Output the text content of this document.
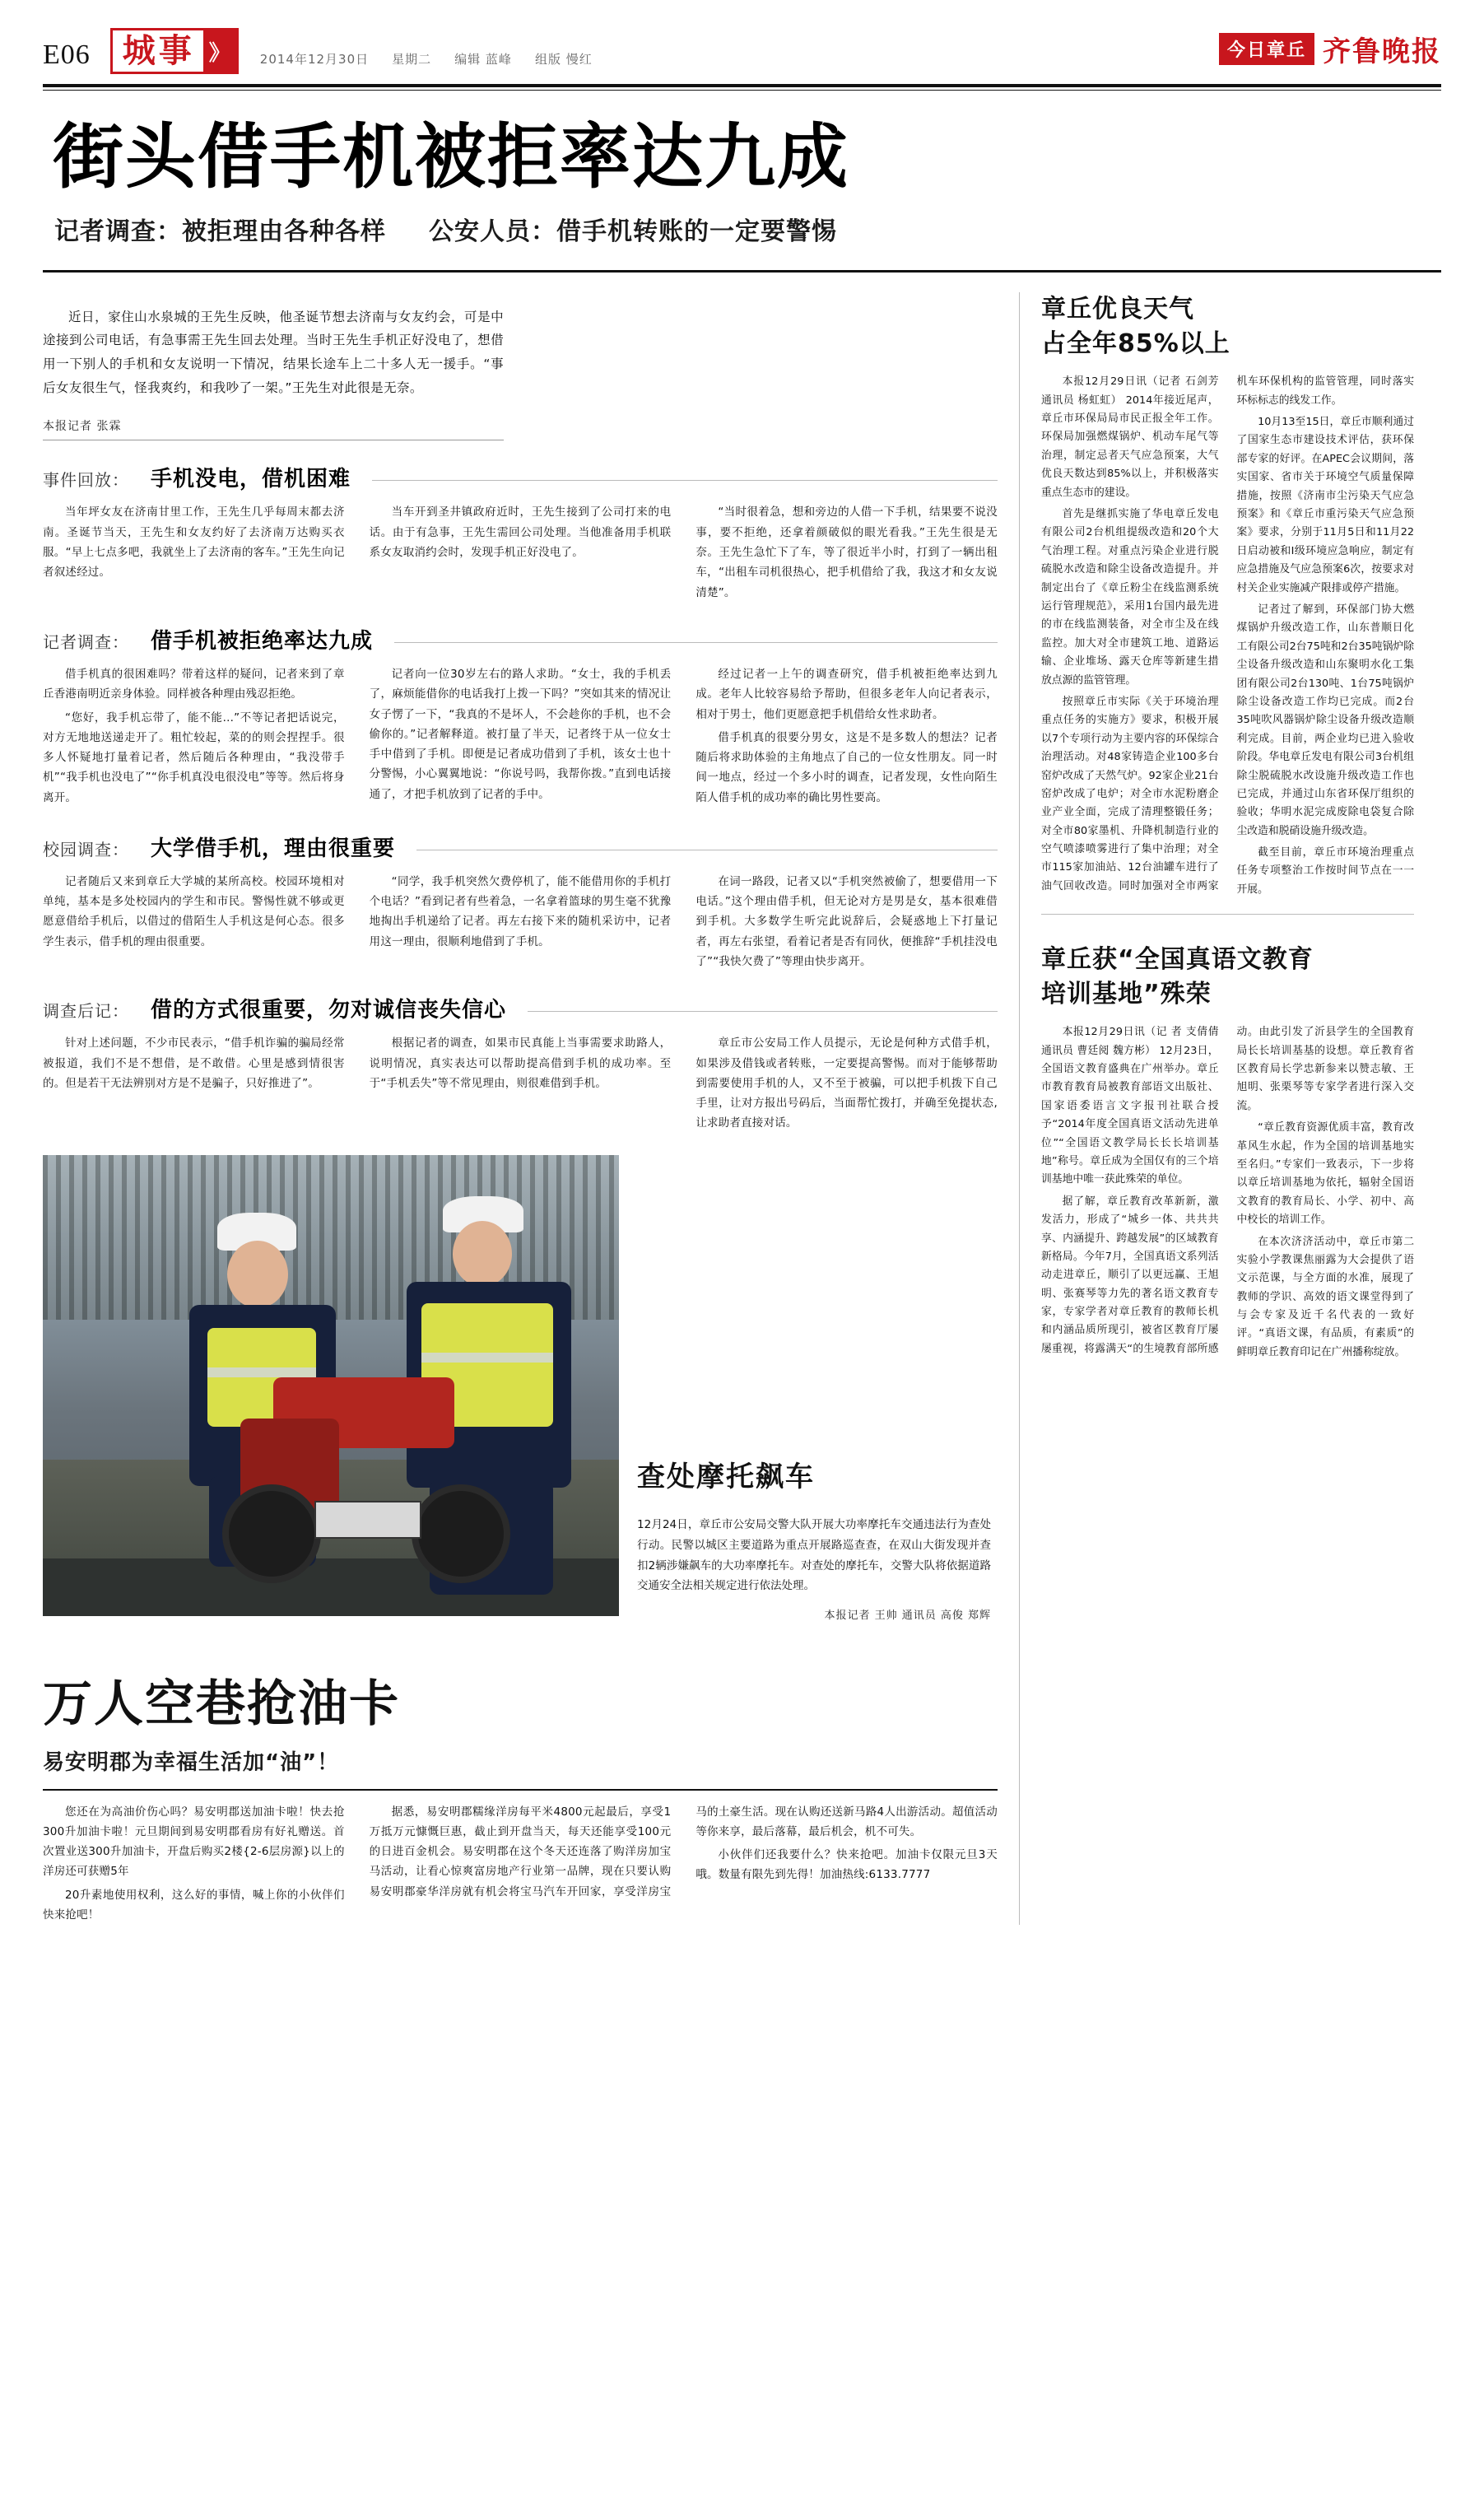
E06 城事 》	2014年12月30日 星期二 编辑 蓝峰 组版 慢红	今日章丘 齐鲁晚报
街头借手机被拒率达九成
记者调查：被拒理由各种各样 公安人员：借手机转账的一定要警惕

近日，家住山水泉城的王先生反映，他圣诞节想去济南与女友约会，可是中途接到公司电话，有急事需王先生回去处理。当时王先生手机正好没电了，想借用一下别人的手机和女友说明一下情况，结果长途车上二十多人无一援手。“事后女友很生气，怪我爽约，和我吵了一架。”王先生对此很是无奈。

本报记者 张霖
事件回放： 手机没电，借机困难

当年坪女友在济南甘里工作，王先生几乎每周末都去济南。圣诞节当天，王先生和女友约好了去济南万达购买衣服。“早上七点多吧，我就坐上了去济南的客车。”王先生向记者叙述经过。

当车开到圣井镇政府近时，王先生接到了公司打来的电话。由于有急事，王先生需回公司处理。当他准备用手机联系女友取消约会时，发现手机正好没电了。

“当时很着急，想和旁边的人借一下手机，结果要不说没事，要不拒绝，还拿着颜破似的眼光看我。”王先生很是无奈。王先生急忙下了车，等了很近半小时，打到了一辆出租车，“出租车司机很热心，把手机借给了我，我这才和女友说清楚”。

记者调查： 借手机被拒绝率达九成

借手机真的很困难吗？带着这样的疑问，记者来到了章丘香港南明近亲身体验。同样被各种理由残忍拒绝。

“您好，我手机忘带了，能不能…”不等记者把话说完，对方无地地送递走开了。粗忙较起，菜的的则会捏捏手。很多人怀疑地打量着记者，然后随后各种理由，“我没带手机”“我手机也没电了”“你手机真没电很没电”等等。然后将身离开。

记者向一位30岁左右的路人求助。“女士，我的手机丢了，麻烦能借你的电话我打上拨一下吗？”突如其来的情况让女子愣了一下，“我真的不是坏人，不会趁你的手机，也不会偷你的。”记者解释道。被打量了半天，记者终于从一位女士手中借到了手机。即便是记者成功借到了手机，该女士也十分警惕，小心翼翼地说：“你说号吗，我帮你拨。”直到电话接通了，才把手机放到了记者的手中。

经过记者一上午的调查研究，借手机被拒绝率达到九成。老年人比较容易给予帮助，但很多老年人向记者表示，相对于男士，他们更愿意把手机借给女性求助者。

借手机真的很要分男女，这是不是多数人的想法？记者随后将求助体验的主角地点了自己的一位女性朋友。同一时间一地点，经过一个多小时的调查，记者发现，女性向陌生陌人借手机的成功率的确比男性要高。

校园调查： 大学借手机，理由很重要

记者随后又来到章丘大学城的某所高校。校园环境相对单纯，基本是多处校园内的学生和市民。警惕性就不够或更愿意借给手机后，以借过的借陌生人手机这是何心态。很多学生表示，借手机的理由很重要。

“同学，我手机突然欠费停机了，能不能借用你的手机打个电话？”看到记者有些着急，一名拿着篮球的男生毫不犹豫地掏出手机递给了记者。再左右接下来的随机采访中，记者用这一理由，很顺利地借到了手机。

在词一路段，记者又以“手机突然被偷了，想要借用一下电话。”这个理由借手机，但无论对方是男是女，基本很难借到手机。大多数学生听完此说辞后，会疑惑地上下打量记者，再左右张望，看着记者是否有同伙，便推辞“手机挂没电了”“我快欠费了”等理由快步离开。

调查后记： 借的方式很重要，勿对诚信丧失信心

针对上述问题，不少市民表示，“借手机诈骗的骗局经常被报道，我们不是不想借，是不敢借。心里是感到情很害的。但是若干无法辨别对方是不是骗子，只好推进了”。

根据记者的调查，如果市民真能上当事需要求助路人，说明情况，真实表达可以帮助提高借到手机的成功率。至于“手机丢失”等不常见理由，则很难借到手机。

章丘市公安局工作人员提示，无论是何种方式借手机，如果涉及借钱或者转账，一定要提高警惕。而对于能够帮助到需要使用手机的人，又不至于被骗，可以把手机拨下自己手里，让对方报出号码后，当面帮忙拨打，并确至免提状态,让求助者直接对话。

查处摩托飙车
12月24日，章丘市公安局交警大队开展大功率摩托车交通违法行为查处行动。民警以城区主要道路为重点开展路巡查查，在双山大街发现并查扣2辆涉嫌飙车的大功率摩托车。对查处的摩托车，交警大队将依据道路交通安全法相关规定进行依法处理。
本报记者 王帅 通讯员 高俊 郑辉
万人空巷抢油卡
易安明郡为幸福生活加“油”！

您还在为高油价伤心吗？易安明郡送加油卡啦！快去抢300升加油卡啦！元旦期间到易安明郡看房有好礼赠送。首次置业送300升加油卡，开盘后购买2楼{2-6层房源}以上的洋房还可获赠5年

20升素地使用权利，这么好的事情，喊上你的小伙伴们快来抢吧！

据悉，易安明郡糯缘洋房每平米4800元起最后，享受1万抵万元慷慨巨惠，截止到开盘当天，每天还能享受100元的日进百金机会。易安明郡在这个冬天还连落了购洋房加宝马活动，让看心惊爽富房地产行业第一品牌，现在只要认购易安明郡豪华洋房就有机会将宝马汽车开回家，享受洋房宝马的土豪生活。现在认购还送新马路4人出游活动。超值活动等你来享，最后落幕，最后机会，机不可失。

小伙伴们还我要什么？快来抢吧。加油卡仅限元旦3天哦。数量有限先到先得！加油热线:6133.7777

章丘优良天气
占全年85%以上

本报12月29日讯（记者 石剑芳 通讯员 杨虹虹） 2014年接近尾声，章丘市环保局局市民正报全年工作。环保局加强燃煤锅炉、机动车尾气等治理，制定忌者天气应急预案，大气优良天数达到85%以上，并积极落实重点生态市的建设。

首先是继抓实施了华电章丘发电有限公司2台机组提级改造和20个大气治理工程。对重点污染企业进行脱硫脱水改造和除尘设备改造提升。并制定出台了《章丘粉尘在线监测系统运行管理规范》，采用1台国内最先进的市在线监测装备，对全市尘及在线监控。加大对全市建筑工地、道路运输、企业堆场、露天仓库等新建生措放点源的监管管理。

按照章丘市实际《关于环境治理重点任务的实施方》要求，积极开展以7个专项行动为主要内容的环保综合治理活动。对48家铸造企业100多台窑炉改成了天然气炉。92家企业21台窑炉改成了电炉；对全市水泥粉磨企业产业全面，完成了清理整锻任务；对全市80家墨机、升降机制造行业的空气喷漆喷雾进行了集中治理；对全市115家加油站、12台油罐车进行了油气回收改造。同时加强对全市两家机车环保机构的监管管理，同时落实环标标志的线发工作。

10月13至15日，章丘市顺利通过了国家生态市建设技术评估，获环保部专家的好评。在APEC会议期间，落实国家、省市关于环境空气质量保障措施，按照《济南市尘污染天气应急预案》和《章丘市重污染天气应急预案》要求，分别于11月5日和11月22日启动被和I级环境应急响应，制定有应急措施及气应急预案6次，按要求对村关企业实施减产限排或停产措施。

记者过了解到，环保部门协大燃煤锅炉升级改造工作，山东普顺日化工有限公司2台75吨和2台35吨锅炉除尘设备升级改造和山东聚明水化工集团有限公司2台130吨、1台75吨锅炉除尘设备改造工作均已完成。而2台35吨吹风器锅炉除尘设备升级改造顺利完成。目前，两企业均已进入验收阶段。华电章丘发电有限公司3台机组除尘脱硫脱水改设施升级改造工作也已完成，并通过山东省环保厅组织的验收；华明水泥完成废除电袋复合除尘改造和脱硝设施升级改造。

截至目前，章丘市环境治理重点任务专项整治工作按时间节点在一一开展。

章丘获“全国真语文教育
培训基地”殊荣

本报12月29日讯（记 者 支倩倩 通讯员 曹廷阅 魏方彬） 12月23日，全国语文教育盛典在广州举办。章丘市教育教育局被教育部语文出版社、国家语委语言文字报刊社联合授予“2014年度全国真语文活动先进单位”“全国语文教学局长长长培训基地”称号。章丘成为全国仅有的三个培训基地中唯一获此殊荣的单位。

据了解，章丘教育改革新新，激发活力，形成了“城乡一体、共共共享、内涵提升、跨越发展”的区域教育新格局。今年7月，全国真语文系列活动走进章丘，顺引了以更远赢、王旭明、张赛琴等力先的著名语文教育专家，专家学者对章丘教育的教师长机和内涵品质所现引，被省区教育厅屡屡重视，将露满天“的生境教育部所感动。由此引发了沂县学生的全国教育局长长培训基基的设想。章丘教育省区教育局长学忠新参来以赞志敏、王旭明、张栗琴等专家学者进行深入交流。

“章丘教育资源优质丰富，教育改革风生水起，作为全国的培训基地实至名归。”专家们一致表示，下一步将以章丘培训基地为依托，辐射全国语文教育的教育局长、小学、初中、高中校长的培训工作。

在本次济济活动中，章丘市第二实验小学教课焦丽露为大会提供了语文示范课，与全方面的水准，展现了教师的学识、高效的语文课堂得到了与会专家及近千名代表的一致好评。“真语文课，有品质，有素质”的鲜明章丘教育印记在广州播称绽放。
